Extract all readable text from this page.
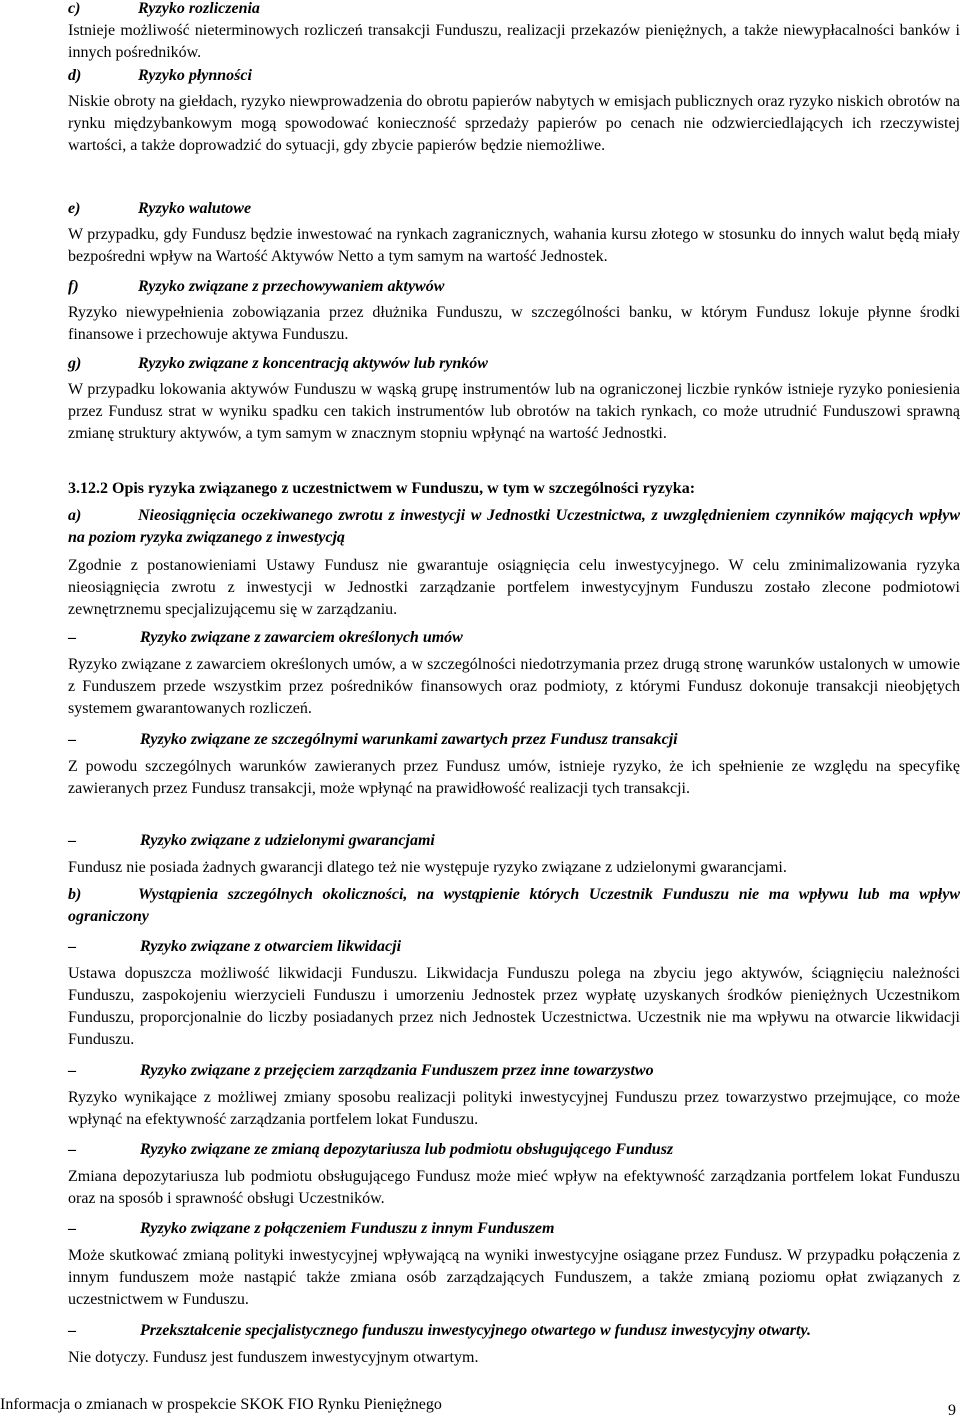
c)	Ryzyko rozliczenia

Istnieje możliwość nieterminowych rozliczeń transakcji Funduszu, realizacji przekazów pieniężnych, a także niewypłacalności banków i innych pośredników.

d)	Ryzyko płynności

Niskie obroty na giełdach, ryzyko niewprowadzenia do obrotu papierów nabytych w emisjach publicznych oraz ryzyko niskich obrotów na rynku międzybankowym mogą spowodować konieczność sprzedaży papierów po cenach nie odzwierciedlających ich rzeczywistej wartości, a także doprowadzić do sytuacji, gdy zbycie papierów będzie niemożliwe.

e)	Ryzyko walutowe

W przypadku, gdy Fundusz będzie inwestować na rynkach zagranicznych, wahania kursu złotego w stosunku do innych walut będą miały bezpośredni wpływ na Wartość Aktywów Netto a tym samym na wartość Jednostek.

f)	Ryzyko związane z przechowywaniem aktywów

Ryzyko niewypełnienia zobowiązania przez dłużnika Funduszu, w szczególności banku, w którym Fundusz lokuje płynne środki finansowe i przechowuje aktywa Funduszu.

g)	Ryzyko związane z koncentracją aktywów lub rynków

W przypadku lokowania aktywów Funduszu w wąską grupę instrumentów lub na ograniczonej liczbie rynków istnieje ryzyko poniesienia przez Fundusz strat w wyniku spadku cen takich instrumentów lub obrotów na takich rynkach, co może utrudnić Funduszowi sprawną zmianę struktury aktywów, a tym samym w znacznym stopniu wpłynąć na wartość Jednostki.

3.12.2 Opis ryzyka związanego z uczestnictwem w Funduszu, w tym w szczególności ryzyka:
a)	Nieosiągnięcia oczekiwanego zwrotu z inwestycji w Jednostki Uczestnictwa, z uwzględnieniem czynników mających wpływ na poziom ryzyka związanego z inwestycją

Zgodnie z postanowieniami Ustawy Fundusz nie gwarantuje osiągnięcia celu inwestycyjnego. W celu zminimalizowania ryzyka nieosiągnięcia zwrotu z inwestycji w Jednostki zarządzanie portfelem inwestycyjnym Funduszu zostało zlecone podmiotowi zewnętrznemu specjalizującemu się w zarządzaniu.

–	Ryzyko związane z zawarciem określonych umów

Ryzyko związane z zawarciem określonych umów, a w szczególności niedotrzymania przez drugą stronę warunków ustalonych w umowie z Funduszem przede wszystkim przez pośredników finansowych oraz podmioty, z którymi Fundusz dokonuje transakcji nieobjętych systemem gwarantowanych rozliczeń.

–	Ryzyko związane ze szczególnymi warunkami zawartych przez Fundusz transakcji

Z powodu szczególnych warunków zawieranych przez Fundusz umów, istnieje ryzyko, że ich spełnienie ze względu na specyfikę zawieranych przez Fundusz transakcji, może wpłynąć na prawidłowość realizacji tych transakcji.

–	Ryzyko związane z udzielonymi gwarancjami

Fundusz nie posiada żadnych gwarancji dlatego też nie występuje ryzyko związane z udzielonymi gwarancjami.

b)	Wystąpienia szczególnych okoliczności, na wystąpienie których Uczestnik Funduszu nie ma wpływu lub ma wpływ ograniczony
–	Ryzyko związane z otwarciem likwidacji

Ustawa dopuszcza możliwość likwidacji Funduszu. Likwidacja Funduszu polega na zbyciu jego aktywów, ściągnięciu należności Funduszu, zaspokojeniu wierzycieli Funduszu i umorzeniu Jednostek przez wypłatę uzyskanych środków pieniężnych Uczestnikom Funduszu, proporcjonalnie do liczby posiadanych przez nich Jednostek Uczestnictwa. Uczestnik nie ma wpływu na otwarcie likwidacji Funduszu.

–	Ryzyko związane z przejęciem zarządzania Funduszem przez inne towarzystwo

Ryzyko wynikające z możliwej zmiany sposobu realizacji polityki inwestycyjnej Funduszu przez towarzystwo przejmujące, co może wpłynąć na efektywność zarządzania portfelem lokat Funduszu.

–	Ryzyko związane ze zmianą depozytariusza lub podmiotu obsługującego Fundusz

Zmiana depozytariusza lub podmiotu obsługującego Fundusz może mieć wpływ na efektywność zarządzania portfelem lokat Funduszu oraz na sposób i sprawność obsługi Uczestników.

–	Ryzyko związane z połączeniem Funduszu z innym Funduszem

Może skutkować zmianą polityki inwestycyjnej wpływającą na wyniki inwestycyjne osiągane przez Fundusz. W przypadku połączenia z innym funduszem może nastąpić także zmiana osób zarządzających Funduszem, a także zmianą poziomu opłat związanych z uczestnictwem w Funduszu.

–	Przekształcenie specjalistycznego funduszu inwestycyjnego otwartego w fundusz inwestycyjny otwarty.

Nie dotyczy. Fundusz jest funduszem inwestycyjnym otwartym.

Informacja o zmianach w prospekcie SKOK FIO Rynku Pieniężnego	9
